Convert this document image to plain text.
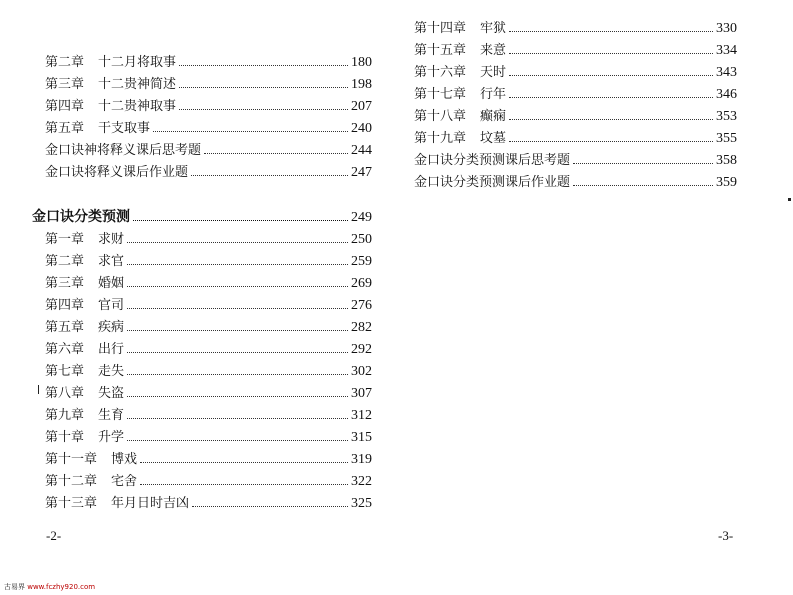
第二章 十二月将取事	180
第三章 十二贵神简述	198
第四章 十二贵神取事	207
第五章 干支取事	240
金口诀神将释义课后思考题	244
金口诀将释义课后作业题	247
金口诀分类预测	249
第一章 求财	250
第二章 求官	259
第三章 婚姻	269
第四章 官司	276
第五章 疾病	282
第六章 出行	292
第七章 走失	302
第八章 失盗	307
第九章 生育	312
第十章 升学	315
第十一章 博戏	319
第十二章 宅舍	322
第十三章 年月日时吉凶	325
-2-
第十四章 牢狱	330
第十五章 来意	334
第十六章 天时	343
第十七章 行年	346
第十八章 癫痫	353
第十九章 坟墓	355
金口诀分类预测课后思考题	358
金口诀分类预测课后作业题	359
-3-
古易界 www.fczhy920.com
